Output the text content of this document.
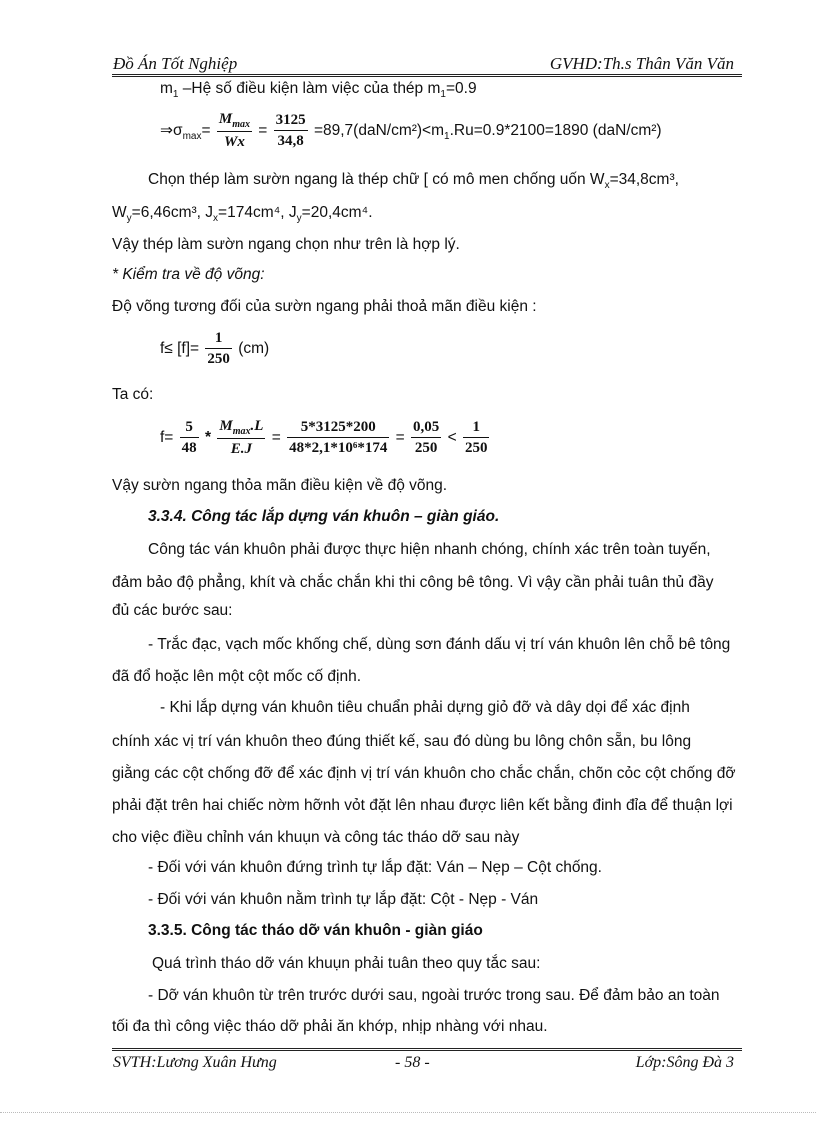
Đồ Án Tốt Nghiệp	GVHD:Th.s Thân Văn Văn
$m_1$ –Hệ số điều kiện làm việc của thép $m_1=0.9$
$\Rightarrow\sigma_{max}= \frac{M_{max}}{Wx} = \frac{3125}{34,8} =89,7(daN/cm^2)<m_1.Ru=0.9*2100=1890$ (daN/cm²)
Chọn thép làm sườn ngang là thép chữ [ có mô men chống uốn $W_x=34,8cm^3$,
$W_y=6,46cm^3$, $J_x=174cm^4$, $J_y=20,4cm^4$.
Vậy thép làm sườn ngang chọn như trên là hợp lý.
* Kiểm tra về độ võng:
Độ võng tương đối của sườn ngang phải thoả mãn điều kiện :
$f\le [f]= \frac{1}{250} (cm)$
Ta có:
$f= \frac{5}{48} * \frac{M_{max}.L}{E.J} = \frac{5*3125*200}{\text{48*2,1*10⁶*174}} = \frac{0,05}{250} < \frac{1}{250}$
Vậy sườn ngang thỏa mãn điều kiện về độ võng.
3.3.4. Công tác lắp dựng ván khuôn – giàn giáo.
Công tác ván khuôn phải được thực hiện nhanh chóng, chính xác trên toàn tuyến,
đảm bảo độ phẳng, khít và chắc chắn khi thi công bê tông. Vì vậy cần phải tuân thủ đầy
đủ các bước sau:
- Trắc đạc, vạch mốc khống chế, dùng sơn đánh dấu vị trí ván khuôn lên chỗ bê tông
đã đổ hoặc lên một cột mốc cố định.
- Khi lắp dựng ván khuôn tiêu chuẩn phải dựng giỏ đỡ và dây dọi để xác định
chính xác vị trí ván khuôn theo đúng thiết kế, sau đó dùng bu lông chôn sẵn, bu lông
giằng các cột chống đỡ để xác định vị trí ván khuôn cho chắc chắn, chõn cỏc cột chống đỡ
phải đặt trên hai chiếc nờm hỡnh vỏt đặt lên nhau được liên kết bằng đinh đỉa để thuận lợi
cho việc điều chỉnh ván khuụn và công tác tháo dỡ sau này
- Đối với ván khuôn đứng trình tự lắp đặt: Ván – Nẹp – Cột chống.
- Đối với ván khuôn nằm trình tự lắp đặt: Cột - Nẹp - Ván
3.3.5. Công tác tháo dỡ ván khuôn - giàn giáo
Quá trình tháo dỡ ván khuụn phải tuân theo quy tắc sau:
- Dỡ ván khuôn từ trên trước dưới sau, ngoài trước trong sau. Để đảm bảo an toàn
tối đa thì công việc tháo dỡ phải ăn khớp, nhịp nhàng với nhau.
SVTH:Lương Xuân Hưng	- 58 -	Lớp:Sông Đà 3
